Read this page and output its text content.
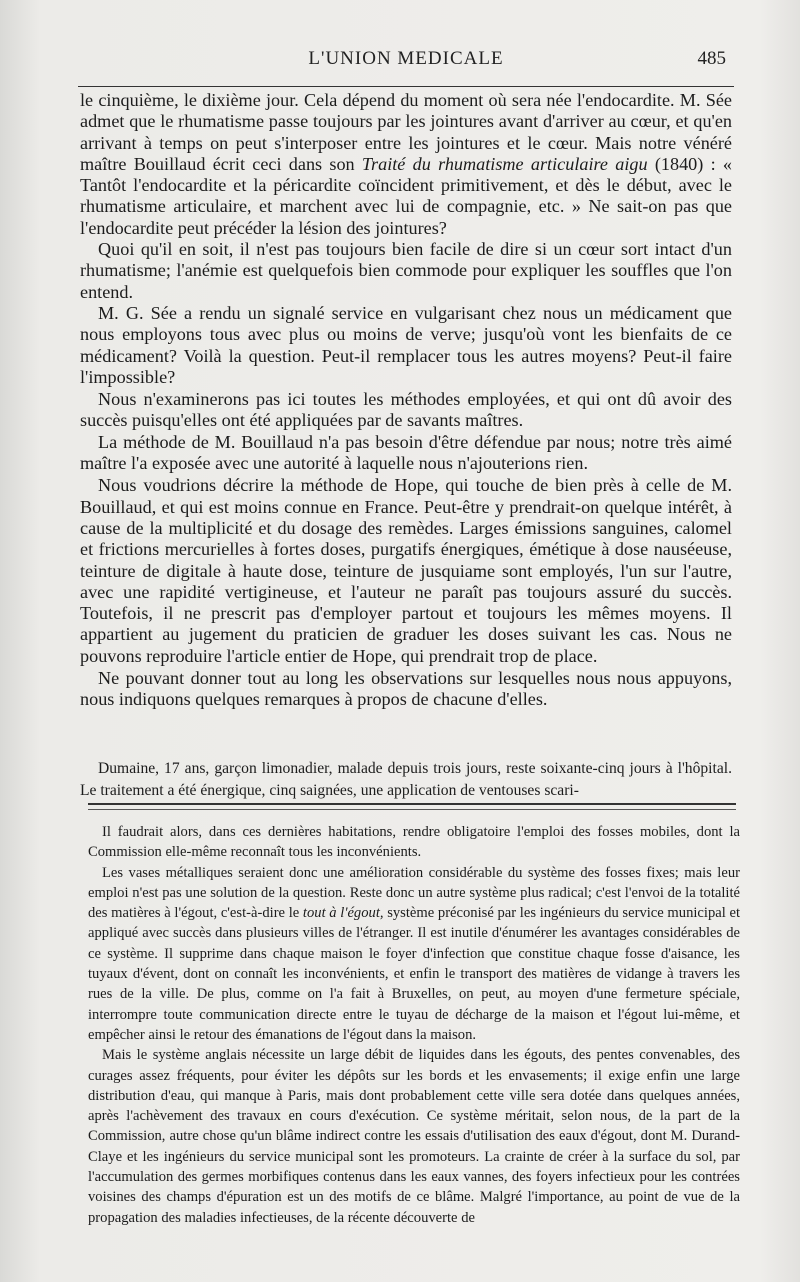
L'UNION MEDICALE	485

le cinquième, le dixième jour. Cela dépend du moment où sera née l'endocardite. M. Sée admet que le rhumatisme passe toujours par les jointures avant d'arriver au cœur, et qu'en arrivant à temps on peut s'interposer entre les jointures et le cœur. Mais notre vénéré maître Bouillaud écrit ceci dans son Traité du rhumatisme articulaire aigu (1840) : « Tantôt l'endocardite et la péricardite coïncident primitivement, et dès le début, avec le rhumatisme articulaire, et marchent avec lui de compagnie, etc. » Ne sait-on pas que l'endocardite peut précéder la lésion des jointures?

Quoi qu'il en soit, il n'est pas toujours bien facile de dire si un cœur sort intact d'un rhumatisme; l'anémie est quelquefois bien commode pour expliquer les souffles que l'on entend.

M. G. Sée a rendu un signalé service en vulgarisant chez nous un médicament que nous employons tous avec plus ou moins de verve; jusqu'où vont les bienfaits de ce médicament? Voilà la question. Peut-il remplacer tous les autres moyens? Peut-il faire l'impossible?

Nous n'examinerons pas ici toutes les méthodes employées, et qui ont dû avoir des succès puisqu'elles ont été appliquées par de savants maîtres.

La méthode de M. Bouillaud n'a pas besoin d'être défendue par nous; notre très aimé maître l'a exposée avec une autorité à laquelle nous n'ajouterions rien.

Nous voudrions décrire la méthode de Hope, qui touche de bien près à celle de M. Bouillaud, et qui est moins connue en France. Peut-être y prendrait-on quelque intérêt, à cause de la multiplicité et du dosage des remèdes. Larges émissions sanguines, calomel et frictions mercurielles à fortes doses, purgatifs énergiques, émétique à dose nauséeuse, teinture de digitale à haute dose, teinture de jusquiame sont employés, l'un sur l'autre, avec une rapidité vertigineuse, et l'auteur ne paraît pas toujours assuré du succès. Toutefois, il ne prescrit pas d'employer partout et toujours les mêmes moyens. Il appartient au jugement du praticien de graduer les doses suivant les cas. Nous ne pouvons reproduire l'article entier de Hope, qui prendrait trop de place.

Ne pouvant donner tout au long les observations sur lesquelles nous nous appuyons, nous indiquons quelques remarques à propos de chacune d'elles.

Dumaine, 17 ans, garçon limonadier, malade depuis trois jours, reste soixante-cinq jours à l'hôpital. Le traitement a été énergique, cinq saignées, une application de ventouses scari-

Il faudrait alors, dans ces dernières habitations, rendre obligatoire l'emploi des fosses mobiles, dont la Commission elle-même reconnaît tous les inconvénients.

Les vases métalliques seraient donc une amélioration considérable du système des fosses fixes; mais leur emploi n'est pas une solution de la question. Reste donc un autre système plus radical; c'est l'envoi de la totalité des matières à l'égout, c'est-à-dire le tout à l'égout, système préconisé par les ingénieurs du service municipal et appliqué avec succès dans plusieurs villes de l'étranger. Il est inutile d'énumérer les avantages considérables de ce système. Il supprime dans chaque maison le foyer d'infection que constitue chaque fosse d'aisance, les tuyaux d'évent, dont on connaît les inconvénients, et enfin le transport des matières de vidange à travers les rues de la ville. De plus, comme on l'a fait à Bruxelles, on peut, au moyen d'une fermeture spéciale, interrompre toute communication directe entre le tuyau de décharge de la maison et l'égout lui-même, et empêcher ainsi le retour des émanations de l'égout dans la maison.

Mais le système anglais nécessite un large débit de liquides dans les égouts, des pentes convenables, des curages assez fréquents, pour éviter les dépôts sur les bords et les envasements; il exige enfin une large distribution d'eau, qui manque à Paris, mais dont probablement cette ville sera dotée dans quelques années, après l'achèvement des travaux en cours d'exécution. Ce système méritait, selon nous, de la part de la Commission, autre chose qu'un blâme indirect contre les essais d'utilisation des eaux d'égout, dont M. Durand-Claye et les ingénieurs du service municipal sont les promoteurs. La crainte de créer à la surface du sol, par l'accumulation des germes morbifiques contenus dans les eaux vannes, des foyers infectieux pour les contrées voisines des champs d'épuration est un des motifs de ce blâme. Malgré l'importance, au point de vue de la propagation des maladies infectieuses, de la récente découverte de
